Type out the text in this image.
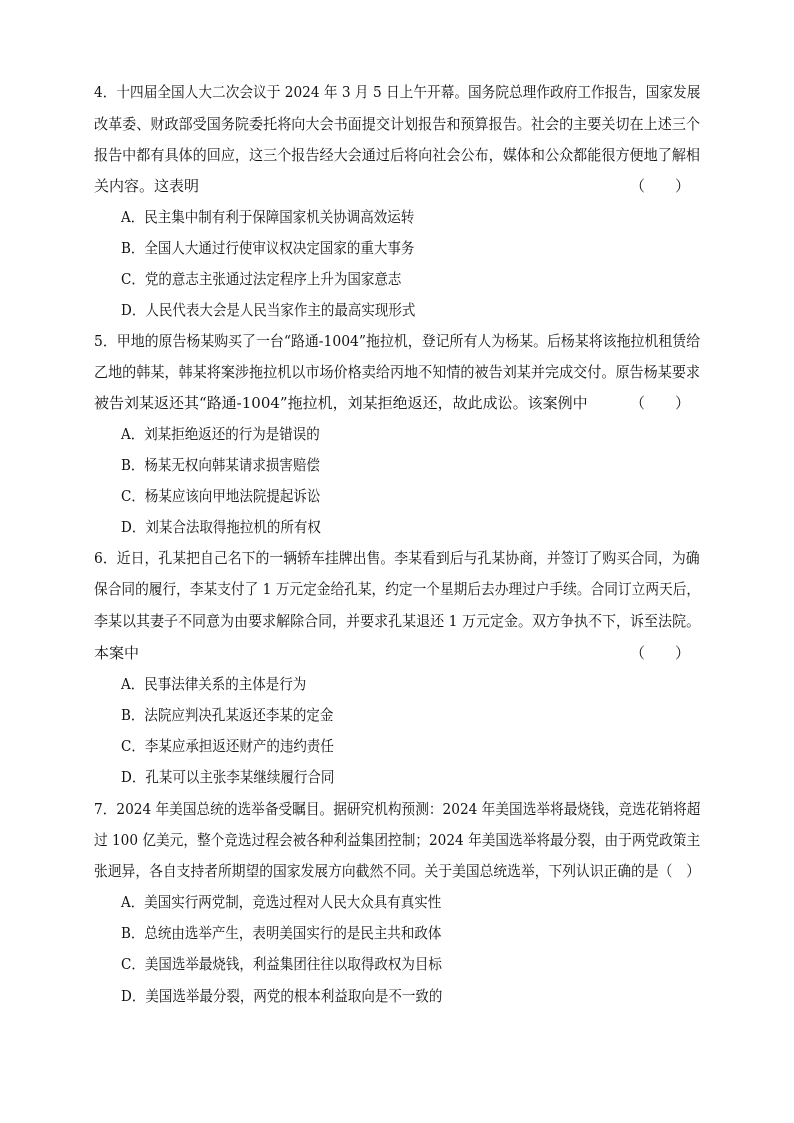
4．十四届全国人大二次会议于 2024 年 3 月 5 日上午开幕。国务院总理作政府工作报告，国家发展
改革委、财政部受国务院委托将向大会书面提交计划报告和预算报告。社会的主要关切在上述三个
报告中都有具体的回应，这三个报告经大会通过后将向社会公布，媒体和公众都能很方便地了解相
关内容。这表明	（　　）
A．民主集中制有利于保障国家机关协调高效运转
B．全国人大通过行使审议权决定国家的重大事务
C．党的意志主张通过法定程序上升为国家意志
D．人民代表大会是人民当家作主的最高实现形式
5．甲地的原告杨某购买了一台“路通-1004”拖拉机，登记所有人为杨某。后杨某将该拖拉机租赁给
乙地的韩某，韩某将案涉拖拉机以市场价格卖给丙地不知情的被告刘某并完成交付。原告杨某要求
被告刘某返还其“路通-1004”拖拉机，刘某拒绝返还，故此成讼。该案例中	（　　）
A．刘某拒绝返还的行为是错误的
B．杨某无权向韩某请求损害赔偿
C．杨某应该向甲地法院提起诉讼
D．刘某合法取得拖拉机的所有权
6．近日，孔某把自己名下的一辆轿车挂牌出售。李某看到后与孔某协商，并签订了购买合同，为确
保合同的履行，李某支付了 1 万元定金给孔某，约定一个星期后去办理过户手续。合同订立两天后，
李某以其妻子不同意为由要求解除合同，并要求孔某退还 1 万元定金。双方争执不下，诉至法院。
本案中	（　　）
A．民事法律关系的主体是行为
B．法院应判决孔某返还李某的定金
C．李某应承担返还财产的违约责任
D．孔某可以主张李某继续履行合同
7．2024 年美国总统的选举备受瞩目。据研究机构预测：2024 年美国选举将最烧钱，竞选花销将超
过 100 亿美元，整个竞选过程会被各种利益集团控制；2024 年美国选举将最分裂，由于两党政策主
张迥异，各自支持者所期望的国家发展方向截然不同。关于美国总统选举，下列认识正确的是（　）
A．美国实行两党制，竞选过程对人民大众具有真实性
B．总统由选举产生，表明美国实行的是民主共和政体
C．美国选举最烧钱，利益集团往往以取得政权为目标
D．美国选举最分裂，两党的根本利益取向是不一致的
